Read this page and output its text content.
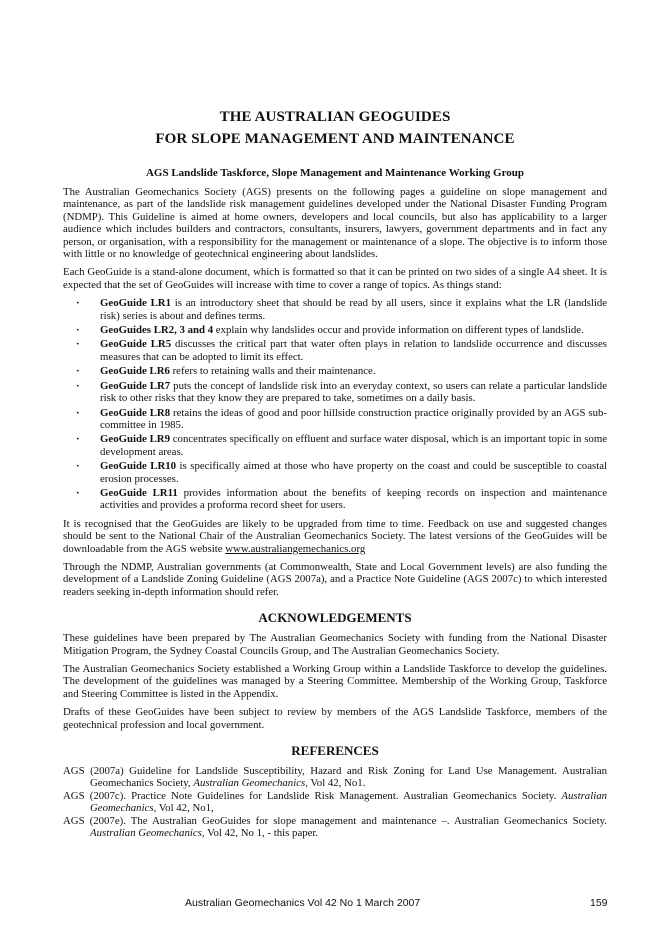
THE AUSTRALIAN GEOGUIDES
FOR SLOPE MANAGEMENT AND MAINTENANCE
AGS Landslide Taskforce, Slope Management and Maintenance Working Group

The Australian Geomechanics Society (AGS) presents on the following pages a guideline on slope management and maintenance, as part of the landslide risk management guidelines developed under the National Disaster Funding Program (NDMP). This Guideline is aimed at home owners, developers and local councils, but also has applicability to a larger audience which includes builders and contractors, consultants, insurers, lawyers, government departments and in fact any person, or organisation, with a responsibility for the management or maintenance of a slope. The objective is to inform those with little or no knowledge of geotechnical engineering about landslides.

Each GeoGuide is a stand-alone document, which is formatted so that it can be printed on two sides of a single A4 sheet. It is expected that the set of GeoGuides will increase with time to cover a range of topics. As things stand:

· GeoGuide LR1 is an introductory sheet that should be read by all users, since it explains what the LR (landslide risk) series is about and defines terms.
· GeoGuides LR2, 3 and 4 explain why landslides occur and provide information on different types of landslide.
· GeoGuide LR5 discusses the critical part that water often plays in relation to landslide occurrence and discusses measures that can be adopted to limit its effect.
· GeoGuide LR6 refers to retaining walls and their maintenance.
· GeoGuide LR7 puts the concept of landslide risk into an everyday context, so users can relate a particular landslide risk to other risks that they know they are prepared to take, sometimes on a daily basis.
· GeoGuide LR8 retains the ideas of good and poor hillside construction practice originally provided by an AGS sub-committee in 1985.
· GeoGuide LR9 concentrates specifically on effluent and surface water disposal, which is an important topic in some development areas.
· GeoGuide LR10 is specifically aimed at those who have property on the coast and could be susceptible to coastal erosion processes.
· GeoGuide LR11 provides information about the benefits of keeping records on inspection and maintenance activities and provides a proforma record sheet for users.

It is recognised that the GeoGuides are likely to be upgraded from time to time. Feedback on use and suggested changes should be sent to the National Chair of the Australian Geomechanics Society. The latest versions of the GeoGuides will be downloadable from the AGS website www.australiangemechanics.org

Through the NDMP, Australian governments (at Commonwealth, State and Local Government levels) are also funding the development of a Landslide Zoning Guideline (AGS 2007a), and a Practice Note Guideline (AGS 2007c) to which interested readers seeking in-depth information should refer.

ACKNOWLEDGEMENTS

These guidelines have been prepared by The Australian Geomechanics Society with funding from the National Disaster Mitigation Program, the Sydney Coastal Councils Group, and The Australian Geomechanics Society.

The Australian Geomechanics Society established a Working Group within a Landslide Taskforce to develop the guidelines. The development of the guidelines was managed by a Steering Committee. Membership of the Working Group, Taskforce and Steering Committee is listed in the Appendix.

Drafts of these GeoGuides have been subject to review by members of the AGS Landslide Taskforce, members of the geotechnical profession and local government.

REFERENCES

AGS (2007a) Guideline for Landslide Susceptibility, Hazard and Risk Zoning for Land Use Management. Australian Geomechanics Society, Australian Geomechanics, Vol 42, No1.

AGS (2007c). Practice Note Guidelines for Landslide Risk Management. Australian Geomechanics Society. Australian Geomechanics, Vol 42, No1,

AGS (2007e). The Australian GeoGuides for slope management and maintenance –. Australian Geomechanics Society. Australian Geomechanics, Vol 42, No 1, - this paper.

Australian Geomechanics Vol 42 No 1 March 2007	159
